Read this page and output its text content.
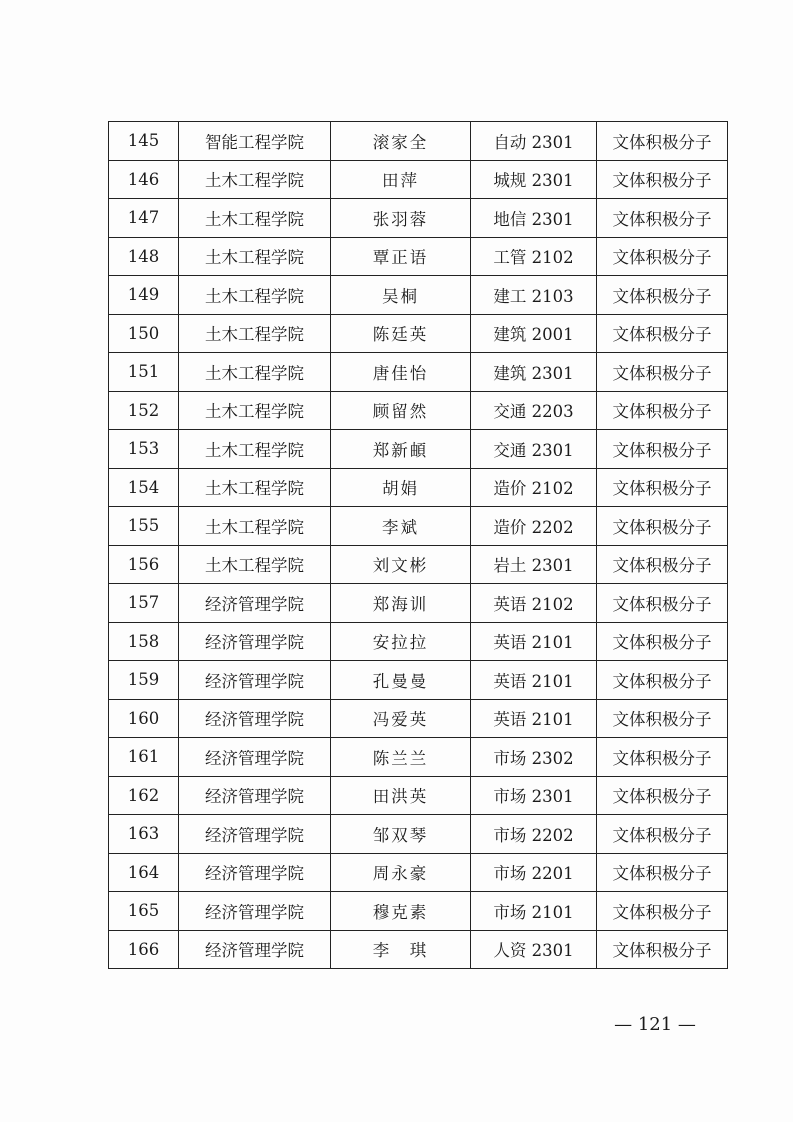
145	智能工程学院	滚家全	自动 2301	文体积极分子
146	土木工程学院	田萍	城规 2301	文体积极分子
147	土木工程学院	张羽蓉	地信 2301	文体积极分子
148	土木工程学院	覃正语	工管 2102	文体积极分子
149	土木工程学院	吴桐	建工 2103	文体积极分子
150	土木工程学院	陈廷英	建筑 2001	文体积极分子
151	土木工程学院	唐佳怡	建筑 2301	文体积极分子
152	土木工程学院	顾留然	交通 2203	文体积极分子
153	土木工程学院	郑新頔	交通 2301	文体积极分子
154	土木工程学院	胡娟	造价 2102	文体积极分子
155	土木工程学院	李斌	造价 2202	文体积极分子
156	土木工程学院	刘文彬	岩土 2301	文体积极分子
157	经济管理学院	郑海训	英语 2102	文体积极分子
158	经济管理学院	安拉拉	英语 2101	文体积极分子
159	经济管理学院	孔曼曼	英语 2101	文体积极分子
160	经济管理学院	冯爱英	英语 2101	文体积极分子
161	经济管理学院	陈兰兰	市场 2302	文体积极分子
162	经济管理学院	田洪英	市场 2301	文体积极分子
163	经济管理学院	邹双琴	市场 2202	文体积极分子
164	经济管理学院	周永豪	市场 2201	文体积极分子
165	经济管理学院	穆克素	市场 2101	文体积极分子
166	经济管理学院	李　琪	人资 2301	文体积极分子
— 121 —
